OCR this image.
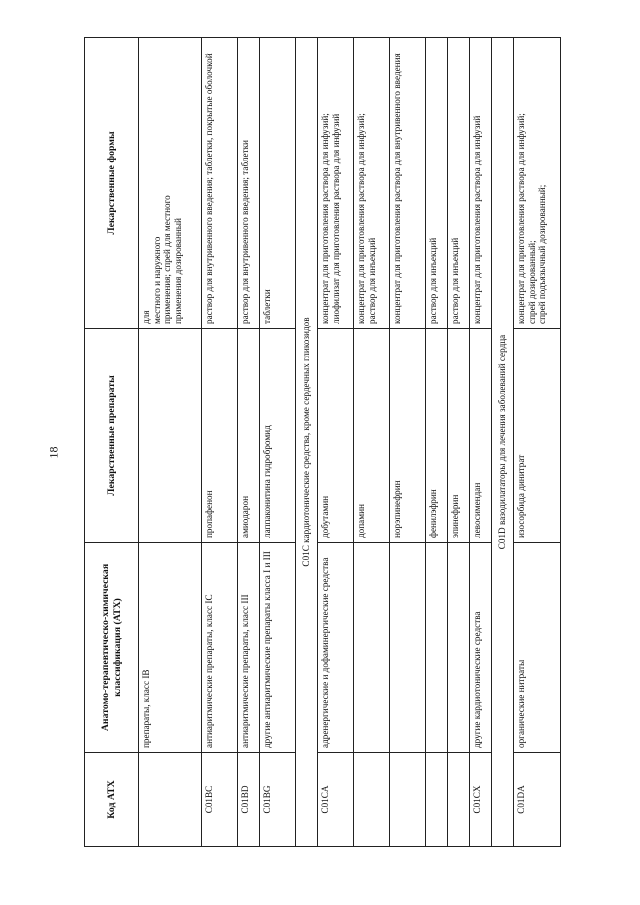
18
Код АТХ	Анатомо-терапевтическо-химическая классификация (АТХ)	Лекарственные препараты	Лекарственные формы
	препараты, класс IB		для местного и наружного применения; спрей для местного применения дозированный

C01BC	антиаритмические препараты, класс IC	пропафенон	раствор для внутривенного введения; таблетки, покрытые оболочкой

C01BD	антиаритмические препараты, класс III	амиодарон	раствор для внутривенного введения; таблетки

C01BG	другие антиаритмические препараты класса I и III	лаппаконитина гидробромид	таблетки

C01C кардиотонические средства, кроме сердечных гликозидов			
C01CA	адренергические и дофаминергические средства	добутамин	концентрат для приготовления раствора для инфузий; лиофилизат для приготовления раствора для инфузий

		допамин	концентрат для приготовления раствора для инфузий; раствор для инъекций

		норэпинефрин	концентрат для приготовления раствора для внутривенного введения

		фенилэфрин	раствор для инъекций

		эпинефрин	раствор для инъекций

C01CX	другие кардиотонические средства	левосимендан	концентрат для приготовления раствора для инфузий

C01D вазодилататоры для лечения заболеваний сердца			
C01DA	органические нитраты	изосорбида динитрат	концентрат для приготовления раствора для инфузий; спрей дозированный; спрей подъязычный дозированный;
